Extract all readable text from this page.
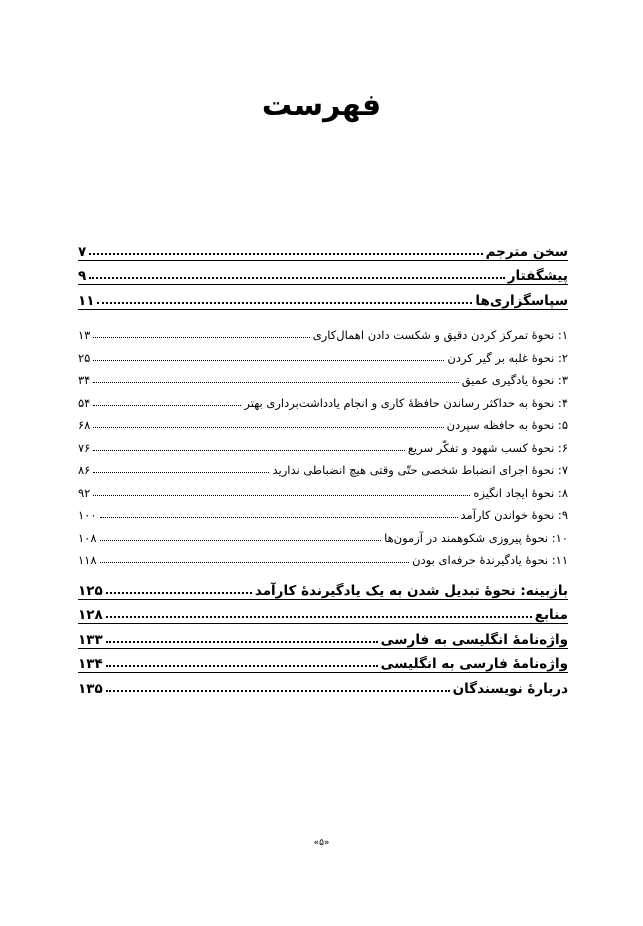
فهرست
سخن مترجم
۷
پیشگفتار
۹
سپاسگزاری‌ها
۱۱
۱: نحوهٔ تمرکز کردن دقیق و شکست دادن اهمال‌کاری
۱۳
۲: نحوهٔ غلبه بر گیر کردن
۲۵
۳: نحوهٔ یادگیری عمیق
۳۴
۴: نحوهٔ به حداکثر رساندن حافظهٔ کاری و انجام یادداشت‌برداری بهتر
۵۴
۵: نحوهٔ به حافظه سپردن
۶۸
۶: نحوهٔ کسب شهود و تفکّر سریع
۷۶
۷: نحوهٔ اجرای انضباط شخصی حتّی وقتی هیچ انضباطی ندارید
۸۶
۸: نحوهٔ ایجاد انگیزه
۹۲
۹: نحوهٔ خواندن کارآمد
۱۰۰
۱۰: نحوهٔ پیروزی شکوهمند در آزمون‌ها
۱۰۸
۱۱: نحوهٔ یادگیرندهٔ حرفه‌ای بودن
۱۱۸
بازبینه: نحوهٔ تبدیل شدن به یک یادگیرندهٔ کارآمد
۱۲۵
منابع
۱۲۸
واژه‌نامهٔ انگلیسی به فارسی
۱۳۳
واژه‌نامهٔ فارسی به انگلیسی
۱۳۴
دربارهٔ نویسندگان
۱۳۵
«۵»
